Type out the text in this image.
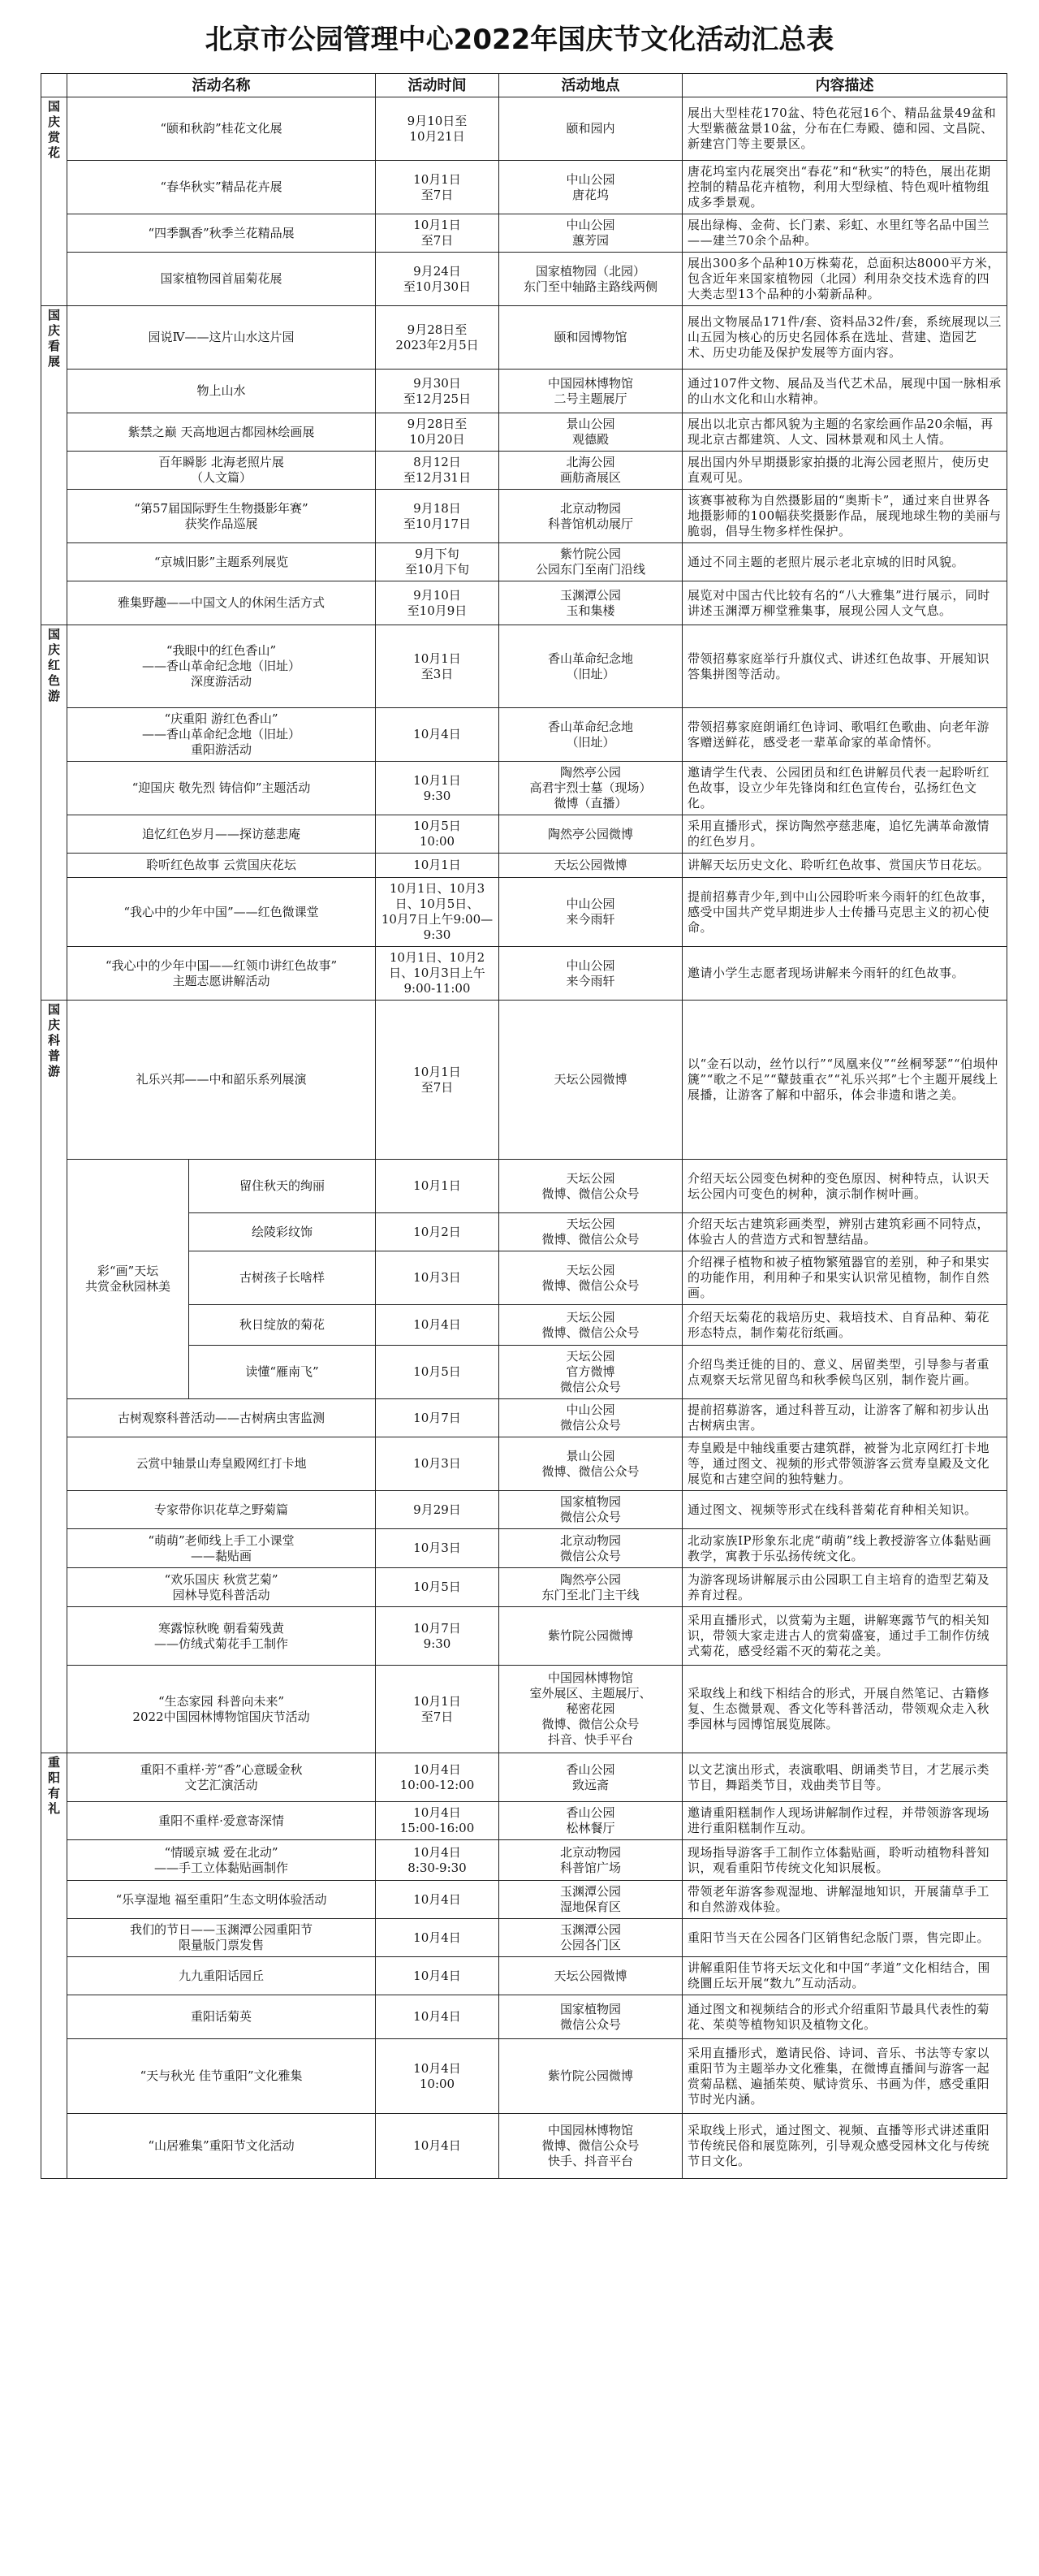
北京市公园管理中心2022年国庆节文化活动汇总表
	活动名称		活动时间	活动地点	内容描述
国
庆
赏
花	“颐和秋韵”桂花文化展		9月10日至
10月21日	颐和园内	展出大型桂花170盆、特色花冠16个、精品盆景49盆和大型紫薇盆景10盆，分布在仁寿殿、德和园、文昌院、新建宫门等主要景区。
	“春华秋实”精品花卉展		10月1日
至7日	中山公园
唐花坞	唐花坞室内花展突出“春花”和“秋实”的特色，展出花期控制的精品花卉植物，利用大型绿植、特色观叶植物组成多季景观。
	“四季飘香”秋季兰花精品展		10月1日
至7日	中山公园
蕙芳园	展出绿梅、金荷、长门素、彩虹、水里红等名品中国兰——建兰70余个品种。
	国家植物园首届菊花展		9月24日
至10月30日	国家植物园（北园）
东门至中轴路主路线两侧	展出300多个品种10万株菊花，总面积达8000平方米，包含近年来国家植物园（北园）利用杂交技术选育的四大类志型13个品种的小菊新品种。
国
庆
看
展	园说Ⅳ——这片山水这片园		9月28日至
2023年2月5日	颐和园博物馆	展出文物展品171件/套、资料品32件/套，系统展现以三山五园为核心的历史名园体系在选址、营建、造园艺术、历史功能及保护发展等方面内容。
	物上山水		9月30日
至12月25日	中国园林博物馆
二号主题展厅	通过107件文物、展品及当代艺术品，展现中国一脉相承的山水文化和山水精神。
	紫禁之巅 天高地迥古都园林绘画展		9月28日至
10月20日	景山公园
观德殿	展出以北京古都风貌为主题的名家绘画作品20余幅，再现北京古都建筑、人文、园林景观和风土人情。
	百年瞬影 北海老照片展
（人文篇）		8月12日
至12月31日	北海公园
画舫斋展区	展出国内外早期摄影家拍摄的北海公园老照片，使历史直观可见。
	“第57届国际野生生物摄影年赛”
获奖作品巡展		9月18日
至10月17日	北京动物园
科普馆机动展厅	该赛事被称为自然摄影届的“奥斯卡”，通过来自世界各地摄影师的100幅获奖摄影作品，展现地球生物的美丽与脆弱，倡导生物多样性保护。
	“京城旧影”主题系列展览		9月下旬
至10月下旬	紫竹院公园
公园东门至南门沿线	通过不同主题的老照片展示老北京城的旧时风貌。
	雅集野趣——中国文人的休闲生活方式		9月10日
至10月9日	玉渊潭公园
玉和集楼	展览对中国古代比较有名的“八大雅集”进行展示，同时讲述玉渊潭万柳堂雅集事，展现公园人文气息。
国
庆
红
色
游	“我眼中的红色香山”
——香山革命纪念地（旧址）
深度游活动		10月1日
至3日	香山革命纪念地
（旧址）	带领招募家庭举行升旗仪式、讲述红色故事、开展知识答集拼图等活动。
	“庆重阳 游红色香山”
——香山革命纪念地（旧址）
重阳游活动		10月4日	香山革命纪念地
（旧址）	带领招募家庭朗诵红色诗词、歌唱红色歌曲、向老年游客赠送鲜花，感受老一辈革命家的革命情怀。
	“迎国庆 敬先烈 铸信仰”主题活动		10月1日
9:30	陶然亭公园
高君宇烈士墓（现场）
微博（直播）	邀请学生代表、公园团员和红色讲解员代表一起聆听红色故事，设立少年先锋岗和红色宣传台，弘扬红色文化。
	追忆红色岁月——探访慈悲庵		10月5日
10:00	陶然亭公园微博	采用直播形式，探访陶然亭慈悲庵，追忆先满革命激情的红色岁月。
	聆听红色故事 云赏国庆花坛		10月1日	天坛公园微博	讲解天坛历史文化、聆听红色故事、赏国庆节日花坛。
	“我心中的少年中国”——红色微课堂		10月1日、10月3日、10月5日、
10月7日上午9:00—9:30	中山公园
来今雨轩	提前招募青少年,到中山公园聆听来今雨轩的红色故事，感受中国共产党早期进步人士传播马克思主义的初心使命。
	“我心中的少年中国——红领巾讲红色故事”
主题志愿讲解活动		10月1日、10月2日、10月3日上午
9:00-11:00	中山公园
来今雨轩	邀请小学生志愿者现场讲解来今雨轩的红色故事。
国
庆
科
普
游	礼乐兴邦——中和韶乐系列展演		10月1日
至7日	天坛公园微博	以“金石以动，丝竹以行”“凤凰来仪”“丝桐琴瑟”“伯埙仲篪”“歌之不足”“鼙鼓重衣”“礼乐兴邦”七个主题开展线上展播，让游客了解和中韶乐，体会非遗和谐之美。
	彩“画”天坛
共赏金秋园林美	留住秋天的绚丽	10月1日	天坛公园
微博、微信公众号	介绍天坛公园变色树种的变色原因、树种特点，认识天坛公园内可变色的树种，演示制作树叶画。
		绘陵彩纹饰	10月2日	天坛公园
微博、微信公众号	介绍天坛古建筑彩画类型，辨别古建筑彩画不同特点，体验古人的营造方式和智慧结晶。
		古树孩子长啥样	10月3日	天坛公园
微博、微信公众号	介绍裸子植物和被子植物繁殖器官的差别，种子和果实的功能作用，利用种子和果实认识常见植物，制作自然画。
		秋日绽放的菊花	10月4日	天坛公园
微博、微信公众号	介绍天坛菊花的栽培历史、栽培技术、自育品种、菊花形态特点，制作菊花衍纸画。
		读懂“雁南飞”	10月5日	天坛公园
官方微博
微信公众号	介绍鸟类迁徙的目的、意义、居留类型，引导参与者重点观察天坛常见留鸟和秋季候鸟区别，制作瓷片画。
	古树观察科普活动——古树病虫害监测		10月7日	中山公园
微信公众号	提前招募游客，通过科普互动，让游客了解和初步认出古树病虫害。
	云赏中轴景山寿皇殿网红打卡地		10月3日	景山公园
微博、微信公众号	寿皇殿是中轴线重要古建筑群，被誉为北京网红打卡地等，通过图文、视频的形式带领游客云赏寿皇殿及文化展览和古建空间的独特魅力。
	专家带你识花草之野菊篇		9月29日	国家植物园
微信公众号	通过图文、视频等形式在线科普菊花育种相关知识。
	“萌萌”老师线上手工小课堂
——黏贴画		10月3日	北京动物园
微信公众号	北动家族IP形象东北虎“萌萌”线上教授游客立体黏贴画教学，寓教于乐弘扬传统文化。
	“欢乐国庆 秋赏艺菊”
园林导览科普活动		10月5日	陶然亭公园
东门至北门主干线	为游客现场讲解展示由公园职工自主培育的造型艺菊及养育过程。
	寒露惊秋晚 朝看菊残黄
——仿绒式菊花手工制作		10月7日
9:30	紫竹院公园微博	采用直播形式，以赏菊为主题，讲解寒露节气的相关知识，带领大家走进古人的赏菊盛宴，通过手工制作仿绒式菊花，感受经霜不灭的菊花之美。
	“生态家园 科普向未来”
2022中国园林博物馆国庆节活动		10月1日
至7日	中国园林博物馆
室外展区、主题展厅、
秘密花园
微博、微信公众号
抖音、快手平台	采取线上和线下相结合的形式，开展自然笔记、古籍修复、生态微景观、香文化等科普活动，带领观众走入秋季园林与园博馆展览展陈。
重
阳
有
礼	重阳不重样·芳“香”心意暖金秋
文艺汇演活动		10月4日
10:00-12:00	香山公园
致远斋	以文艺演出形式，表演歌唱、朗诵类节目，才艺展示类节目，舞蹈类节目，戏曲类节目等。
	重阳不重样·爱意寄深情		10月4日
15:00-16:00	香山公园
松林餐厅	邀请重阳糕制作人现场讲解制作过程，并带领游客现场进行重阳糕制作互动。
	“情暖京城 爱在北动”
——手工立体黏贴画制作		10月4日
8:30-9:30	北京动物园
科普馆广场	现场指导游客手工制作立体黏贴画，聆听动植物科普知识，观看重阳节传统文化知识展板。
	“乐享湿地 福至重阳”生态文明体验活动		10月4日	玉渊潭公园
湿地保育区	带领老年游客参观湿地、讲解湿地知识，开展蒲草手工和自然游戏体验。
	我们的节日——玉渊潭公园重阳节
限量版门票发售		10月4日	玉渊潭公园
公园各门区	重阳节当天在公园各门区销售纪念版门票，售完即止。
	九九重阳话园丘		10月4日	天坛公园微博	讲解重阳佳节将天坛文化和中国“孝道”文化相结合，围绕圜丘坛开展“数九”互动活动。
	重阳话菊英		10月4日	国家植物园
微信公众号	通过图文和视频结合的形式介绍重阳节最具代表性的菊花、茱萸等植物知识及植物文化。
	“天与秋光 佳节重阳”文化雅集		10月4日
10:00	紫竹院公园微博	采用直播形式，邀请民俗、诗词、音乐、书法等专家以重阳节为主题举办文化雅集，在微博直播间与游客一起赏菊品糕、遍插茱萸、赋诗赏乐、书画为伴，感受重阳节时光内涵。
	“山居雅集”重阳节文化活动		10月4日	中国园林博物馆
微博、微信公众号
快手、抖音平台	采取线上形式，通过图文、视频、直播等形式讲述重阳节传统民俗和展览陈列，引导观众感受园林文化与传统节日文化。
